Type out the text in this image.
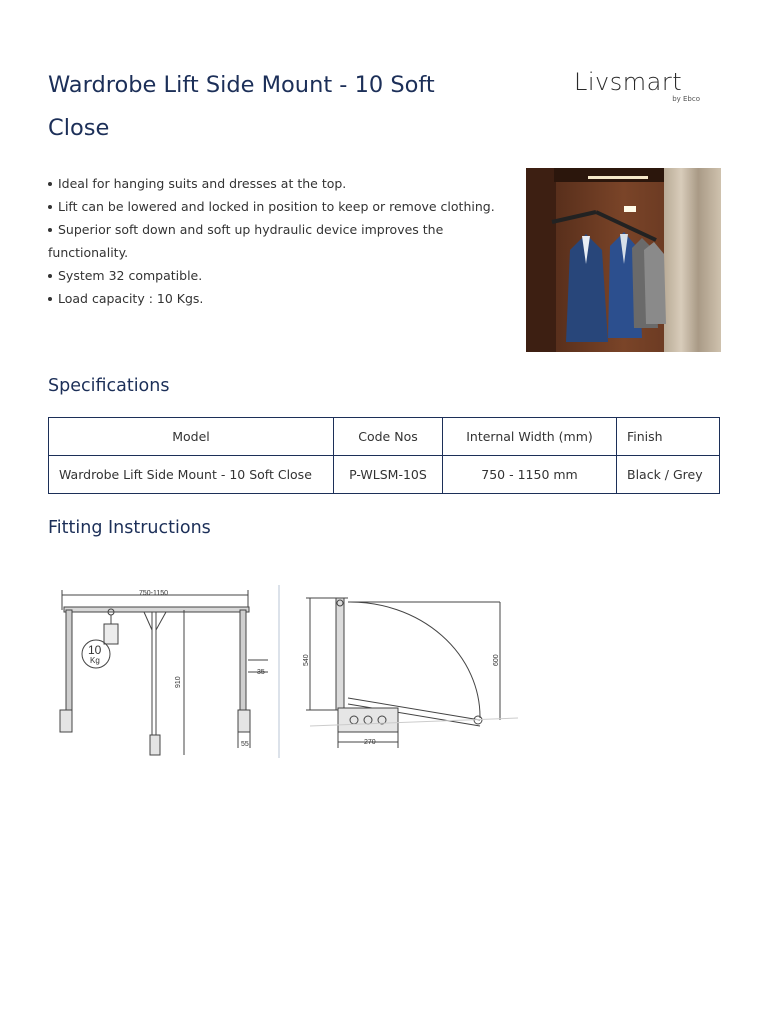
Wardrobe Lift Side Mount - 10 Soft Close
Livsmart
by Ebco
Ideal for hanging suits and dresses at the top.
Lift can be lowered and locked in position to keep or remove clothing.
Superior soft down and soft up hydraulic device improves the functionality.
System 32 compatible.
Load capacity : 10 Kgs.
Specifications
Model	Code Nos	Internal Width (mm)	Finish
Wardrobe Lift Side Mount - 10 Soft Close	P-WLSM-10S	750 - 1150 mm	Black / Grey
Fitting Instructions
750-1150
910
35
55
10
Kg	540	600
270
